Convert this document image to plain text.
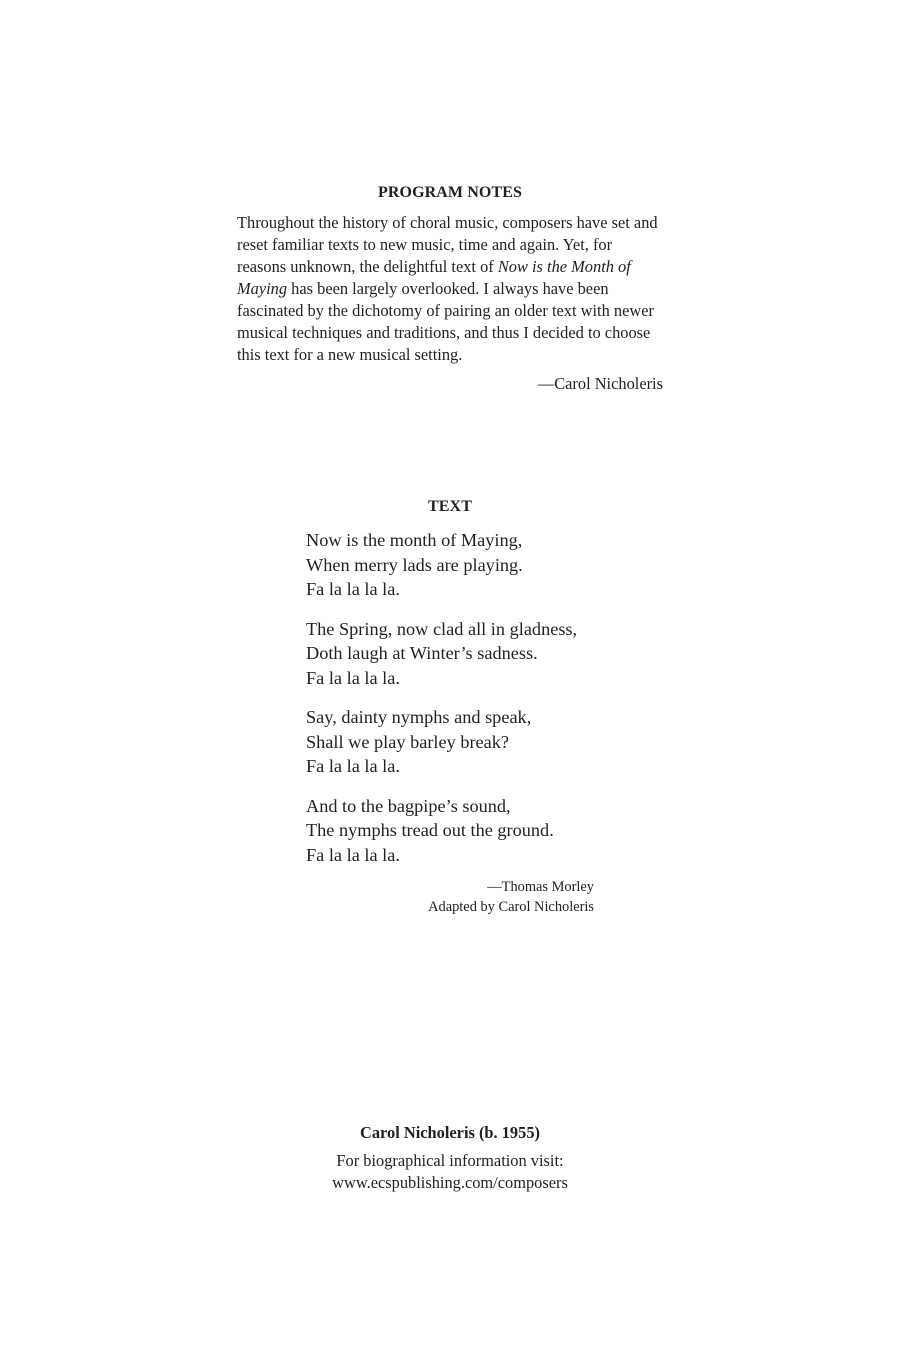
PROGRAM NOTES

Throughout the history of choral music, composers have set and reset familiar texts to new music, time and again. Yet, for reasons unknown, the delightful text of Now is the Month of Maying has been largely overlooked. I always have been fascinated by the dichotomy of pairing an older text with newer musical techniques and traditions, and thus I decided to choose this text for a new musical setting.

—Carol Nicholeris
TEXT
Now is the month of Maying,
When merry lads are playing.
Fa la la la la.
The Spring, now clad all in gladness,
Doth laugh at Winter’s sadness.
Fa la la la la.
Say, dainty nymphs and speak,
Shall we play barley break?
Fa la la la la.
And to the bagpipe’s sound,
The nymphs tread out the ground.
Fa la la la la.
—Thomas Morley
Adapted by Carol Nicholeris
Carol Nicholeris (b. 1955)
For biographical information visit:
www.ecspublishing.com/composers
